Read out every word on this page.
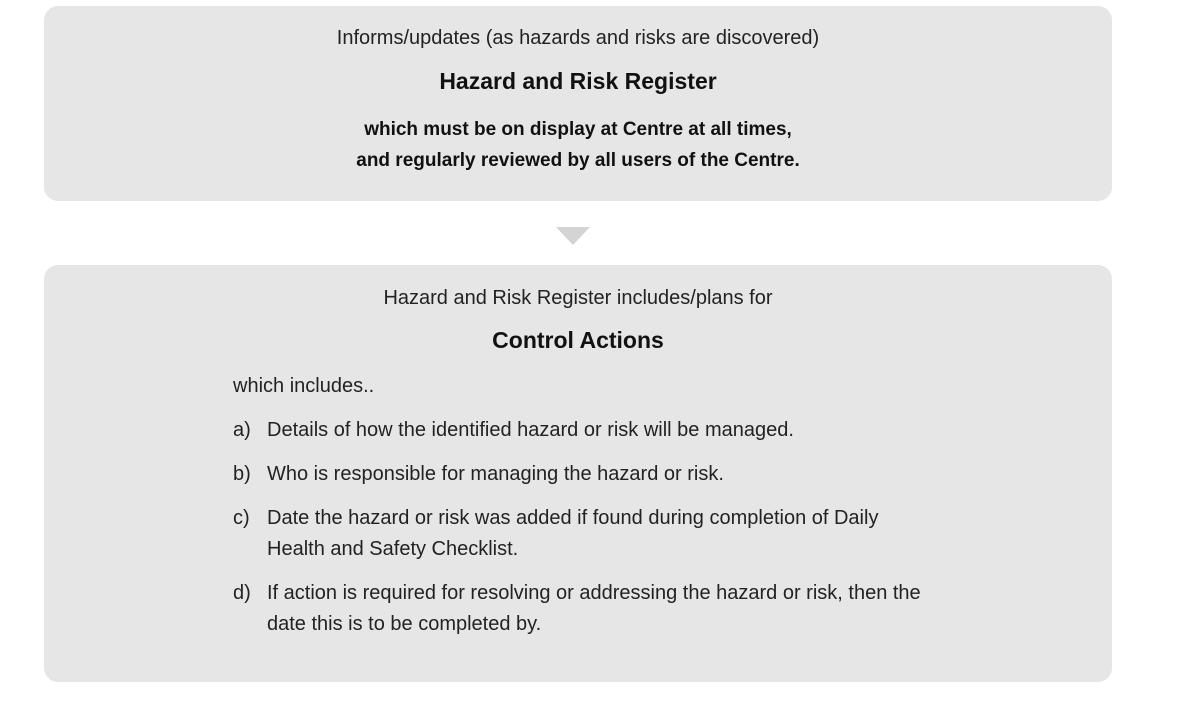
Informs/updates (as hazards and risks are discovered)
Hazard and Risk Register
which must be on display at Centre at all times,
and regularly reviewed by all users of the Centre.
Hazard and Risk Register includes/plans for
Control Actions
which includes..
a) Details of how the identified hazard or risk will be managed.
b) Who is responsible for managing the hazard or risk.
c) Date the hazard or risk was added if found during completion of Daily Health and Safety Checklist.
d) If action is required for resolving or addressing the hazard or risk, then the date this is to be completed by.
